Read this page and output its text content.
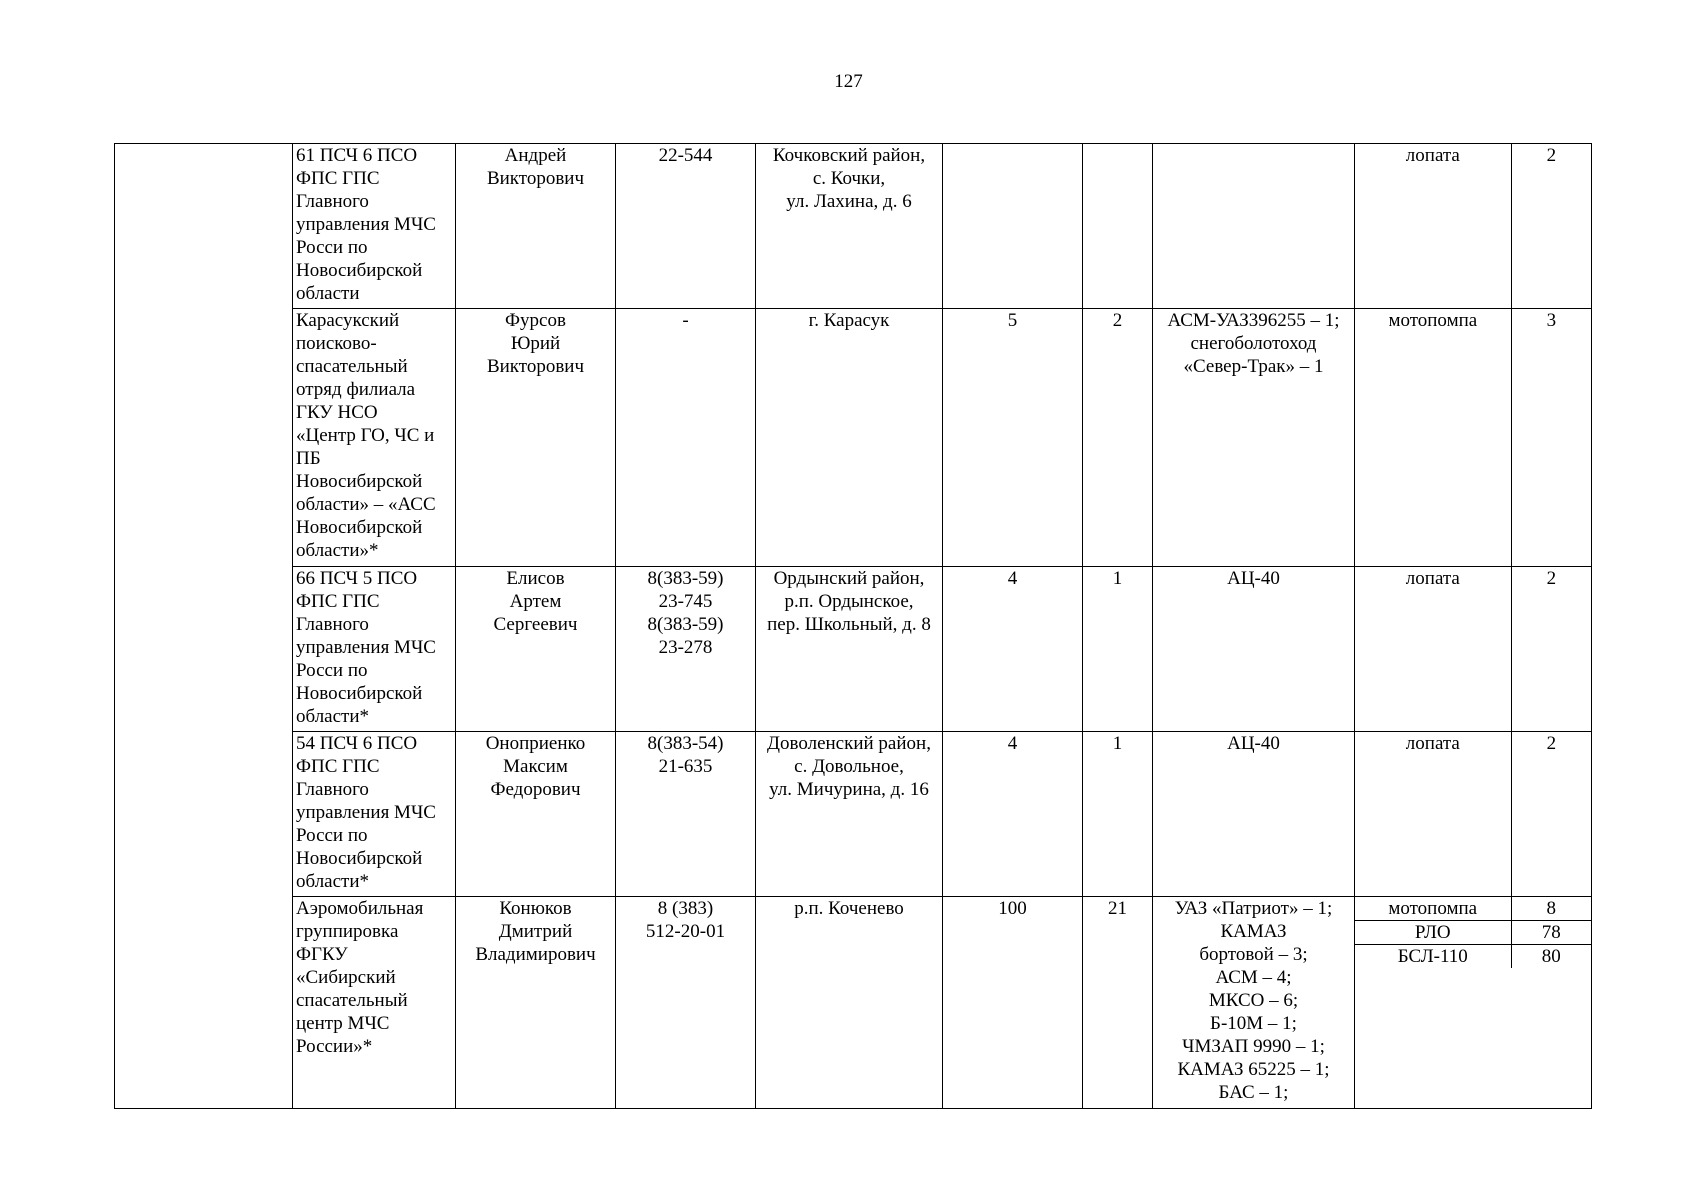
127
	61 ПСЧ 6 ПСО
ФПС ГПС
Главного
управления МЧС
Росси по
Новосибирской
области	Андрей
Викторович	22-544	Кочковский район,
с. Кочки,
ул. Лахина, д. 6				лопата	2
Карасукский
поисково-
спасательный
отряд филиала
ГКУ НСО
«Центр ГО, ЧС и
ПБ
Новосибирской
области» – «АСС
Новосибирской
области»*	Фурсов
Юрий
Викторович	-	г. Карасук	5	2	АСМ-УАЗ396255 – 1;
снегоболотоход
«Север-Трак» – 1	мотопомпа	3
66 ПСЧ 5 ПСО
ФПС ГПС
Главного
управления МЧС
Росси по
Новосибирской
области*	Елисов
Артем
Сергеевич	8(383-59)
23-745
8(383-59)
23-278	Ордынский район,
р.п. Ордынское,
пер. Школьный, д. 8	4	1	АЦ-40	лопата	2
54 ПСЧ 6 ПСО
ФПС ГПС
Главного
управления МЧС
Росси по
Новосибирской
области*	Оноприенко
Максим
Федорович	8(383-54)
21-635	Доволенский район,
с. Довольное,
ул. Мичурина, д. 16	4	1	АЦ-40	лопата	2
Аэромобильная
группировка
ФГКУ
«Сибирский
спасательный
центр МЧС
России»*	Конюков
Дмитрий
Владимирович	8 (383)
512-20-01	р.п. Коченево	100	21	УАЗ «Патриот» – 1;
КАМАЗ
бортовой – 3;
АСМ – 4;
МКСО – 6;
Б-10М – 1;
ЧМЗАП 9990 – 1;
КАМАЗ 65225 – 1;
БАС – 1;	
мотопомпа	8
РЛО	78
БСЛ-110	80
